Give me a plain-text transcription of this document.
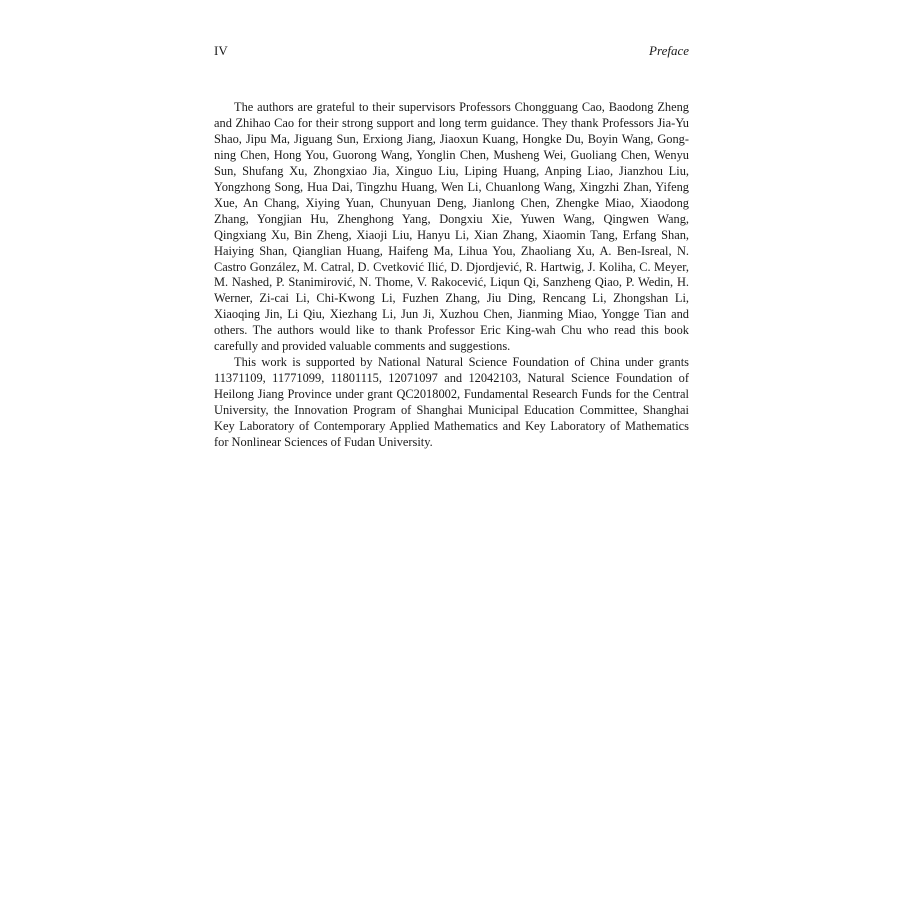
IV	Preface

The authors are grateful to their supervisors Professors Chongguang Cao, Baodong Zheng and Zhihao Cao for their strong support and long term guidance. They thank Professors Jia-Yu Shao, Jipu Ma, Jiguang Sun, Erxiong Jiang, Jiaoxun Kuang, Hongke Du, Boyin Wang, Gong-ning Chen, Hong You, Guorong Wang, Yonglin Chen, Musheng Wei, Guoliang Chen, Wenyu Sun, Shufang Xu, Zhongxiao Jia, Xinguo Liu, Liping Huang, Anping Liao, Jianzhou Liu, Yongzhong Song, Hua Dai, Tingzhu Huang, Wen Li, Chuanlong Wang, Xingzhi Zhan, Yifeng Xue, An Chang, Xiying Yuan, Chunyuan Deng, Jianlong Chen, Zhengke Miao, Xiaodong Zhang, Yongjian Hu, Zhenghong Yang, Dongxiu Xie, Yuwen Wang, Qingwen Wang, Qingxiang Xu, Bin Zheng, Xiaoji Liu, Hanyu Li, Xian Zhang, Xiaomin Tang, Erfang Shan, Haiying Shan, Qianglian Huang, Haifeng Ma, Lihua You, Zhaoliang Xu, A. Ben-Isreal, N. Castro González, M. Catral, D. Cvetković Ilić, D. Djordjević, R. Hartwig, J. Koliha, C. Meyer, M. Nashed, P. Stanimirović, N. Thome, V. Rakocević, Liqun Qi, Sanzheng Qiao, P. Wedin, H. Werner, Zi-cai Li, Chi-Kwong Li, Fuzhen Zhang, Jiu Ding, Rencang Li, Zhongshan Li, Xiaoqing Jin, Li Qiu, Xiezhang Li, Jun Ji, Xuzhou Chen, Jianming Miao, Yongge Tian and others. The authors would like to thank Professor Eric King-wah Chu who read this book carefully and provided valuable comments and suggestions.

This work is supported by National Natural Science Foundation of China under grants 11371109, 11771099, 11801115, 12071097 and 12042103, Natural Science Foundation of Heilong Jiang Province under grant QC2018002, Fundamental Research Funds for the Central University, the Innovation Program of Shanghai Municipal Education Committee, Shanghai Key Laboratory of Contemporary Applied Mathematics and Key Laboratory of Mathematics for Nonlinear Sciences of Fudan University.
